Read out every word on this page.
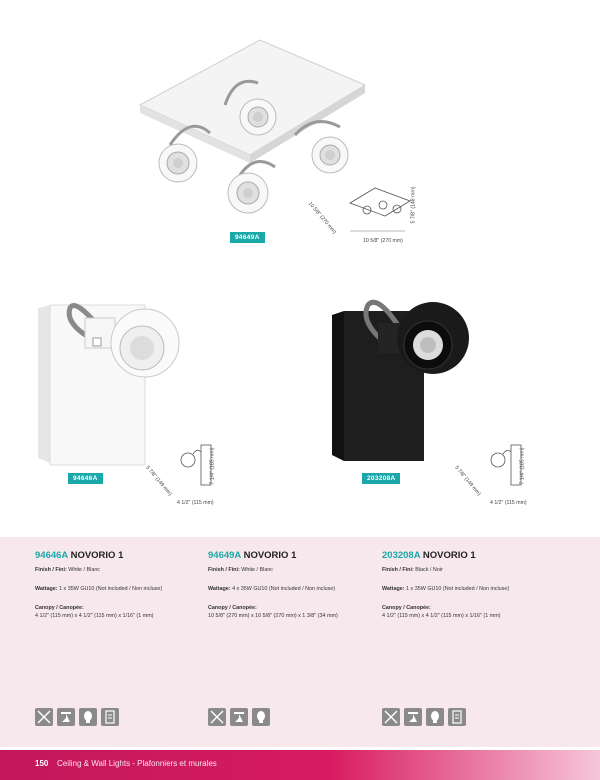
94649A
10 5/8" (270 mm)	5 7/8" (148 mm)
10 5/8" (270 mm)
94646A	5 7/8" (149 mm)	7 1/4" (185 mm)
4 1/2" (115 mm)
203208A	5 7/8" (149 mm)	7 1/4" (185 mm)
4 1/2" (115 mm)
94646A NOVORIO 1
Finish / Fini: White / Blanc
Wattage: 1 x 35W GU10 (Not included / Non incluse)
Canopy / Canopée:
4 1/2" (115 mm) x 4 1/2" (115 mm) x 1/16" (1 mm)
94649A NOVORIO 1
Finish / Fini: White / Blanc
Wattage: 4 x 35W GU10 (Not included / Non incluse)
Canopy / Canopée:
10 5/8" (270 mm) x 10 5/8" (270 mm) x 1 3/8" (34 mm)
203208A NOVORIO 1
Finish / Fini: Black / Noir
Wattage: 1 x 35W GU10 (Not included / Non incluse)
Canopy / Canopée:
4 1/2" (115 mm) x 4 1/2" (115 mm) x 1/16" (1 mm)
150 Ceiling & Wall Lights - Plafonniers et murales
